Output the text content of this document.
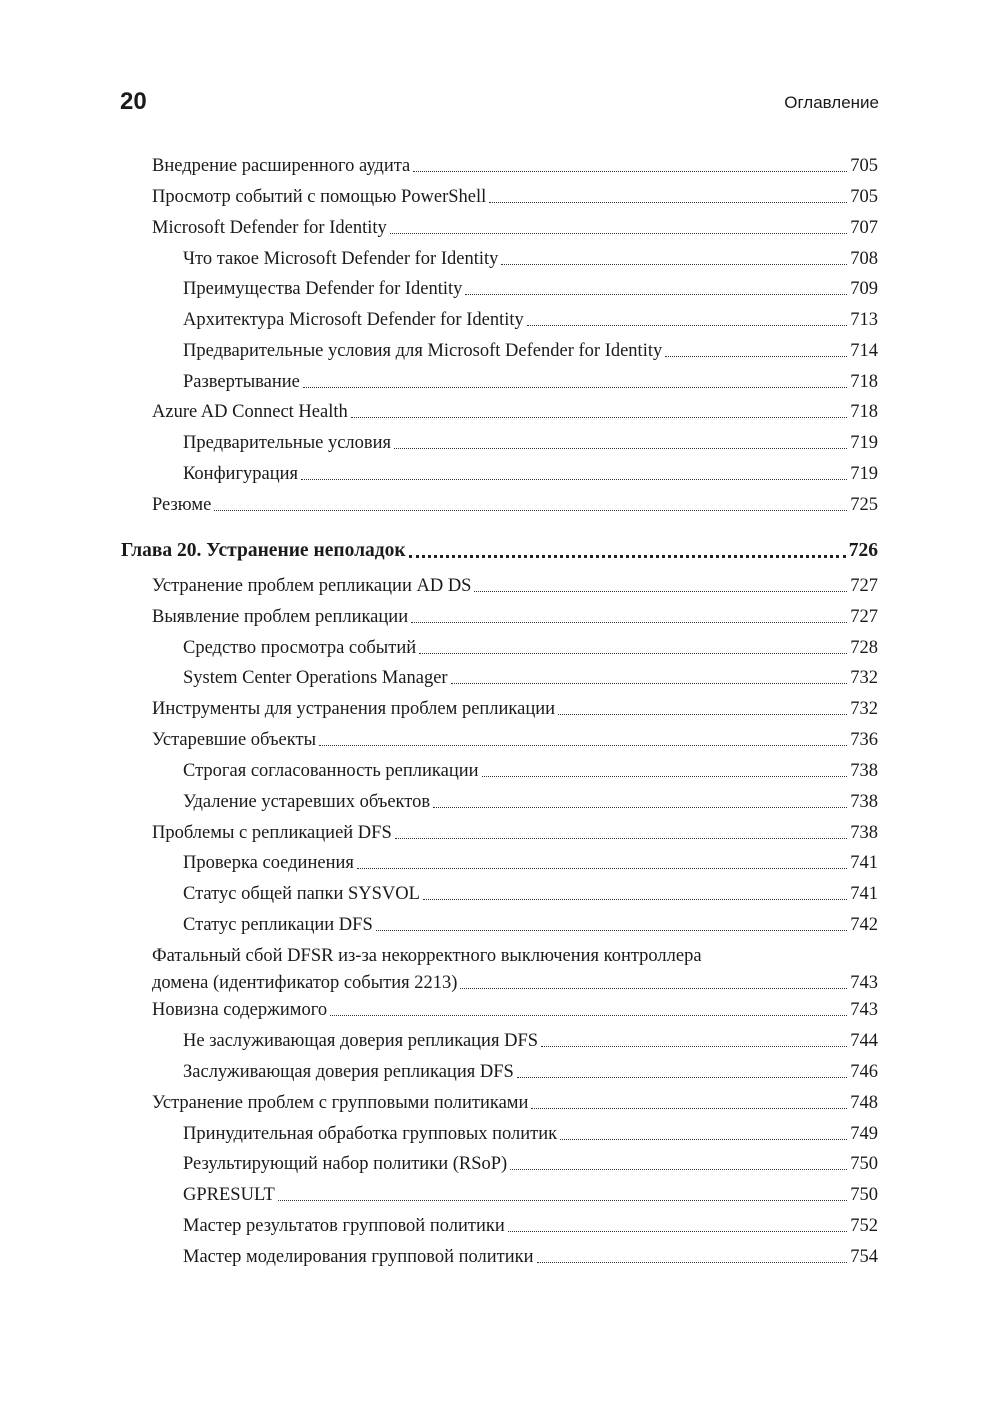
20	Оглавление
Внедрение расширенного аудита	705
Просмотр событий с помощью PowerShell	705
Microsoft Defender for Identity	707
Что такое Microsoft Defender for Identity	708
Преимущества Defender for Identity	709
Архитектура Microsoft Defender for Identity	713
Предварительные условия для Microsoft Defender for Identity	714
Развертывание	718
Azure AD Connect Health	718
Предварительные условия	719
Конфигурация	719
Резюме	725
Глава 20. Устранение неполадок	726
Устранение проблем репликации AD DS	727
Выявление проблем репликации	727
Средство просмотра событий	728
System Center Operations Manager	732
Инструменты для устранения проблем репликации	732
Устаревшие объекты	736
Строгая согласованность репликации	738
Удаление устаревших объектов	738
Проблемы с репликацией DFS	738
Проверка соединения	741
Статус общей папки SYSVOL	741
Статус репликации DFS	742
Фатальный сбой DFSR из-за некорректного выключения контроллера
домена (идентификатор события 2213)	743
Новизна содержимого	743
Не заслуживающая доверия репликация DFS	744
Заслуживающая доверия репликация DFS	746
Устранение проблем с групповыми политиками	748
Принудительная обработка групповых политик	749
Результирующий набор политики (RSoP)	750
GPRESULT	750
Мастер результатов групповой политики	752
Мастер моделирования групповой политики	754
